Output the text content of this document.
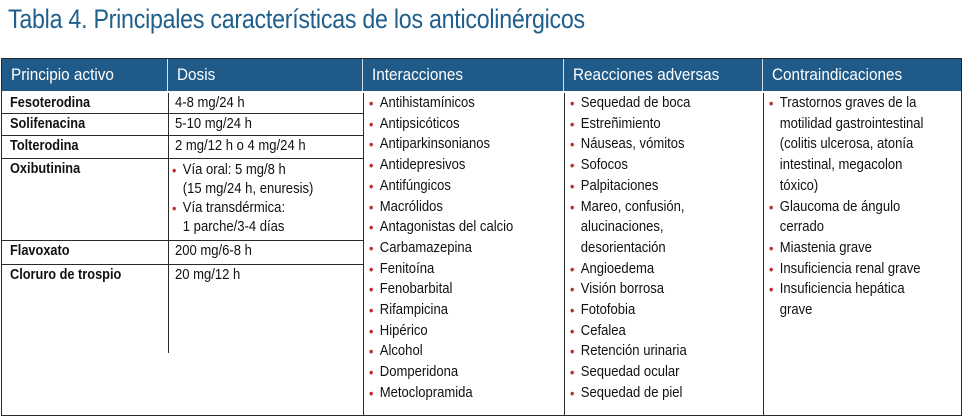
Tabla 4. Principales características de los anticolinérgicos
Principio activo	Dosis	Interacciones	Reacciones adversas	Contraindicaciones
Fesoterodina	4-8 mg/24 h
Solifenacina	5-10 mg/24 h
Tolterodina	2 mg/12 h o 4 mg/24 h
Oxibutinina
•	Vía oral: 5 mg/8 h
(15 mg/24 h, enuresis)
• Vía transdérmica:
1 parche/3-4 días
Flavoxato	200 mg/6-8 h
Cloruro de trospio	20 mg/12 h
• Antihistamínicos
• Antipsicóticos
• Antiparkinsonianos
• Antidepresivos
• Antifúngicos
• Macrólidos
• Antagonistas del calcio
• Carbamazepina
• Fenitoína
• Fenobarbital
• Rifampicina
• Hipérico
• Alcohol
• Domperidona
• Metoclopramida
• Sequedad de boca
• Estreñimiento
• Náuseas, vómitos
• Sofocos
• Palpitaciones
• Mareo, confusión,
alucinaciones,
desorientación
• Angioedema
• Visión borrosa
• Fotofobia
• Cefalea
• Retención urinaria
• Sequedad ocular
• Sequedad de piel
• Trastornos graves de la
motilidad gastrointestinal
(colitis ulcerosa, atonía
intestinal, megacolon
tóxico)
• Glaucoma de ángulo
cerrado
• Miastenia grave
• Insuficiencia renal grave
• Insuficiencia hepática
grave
